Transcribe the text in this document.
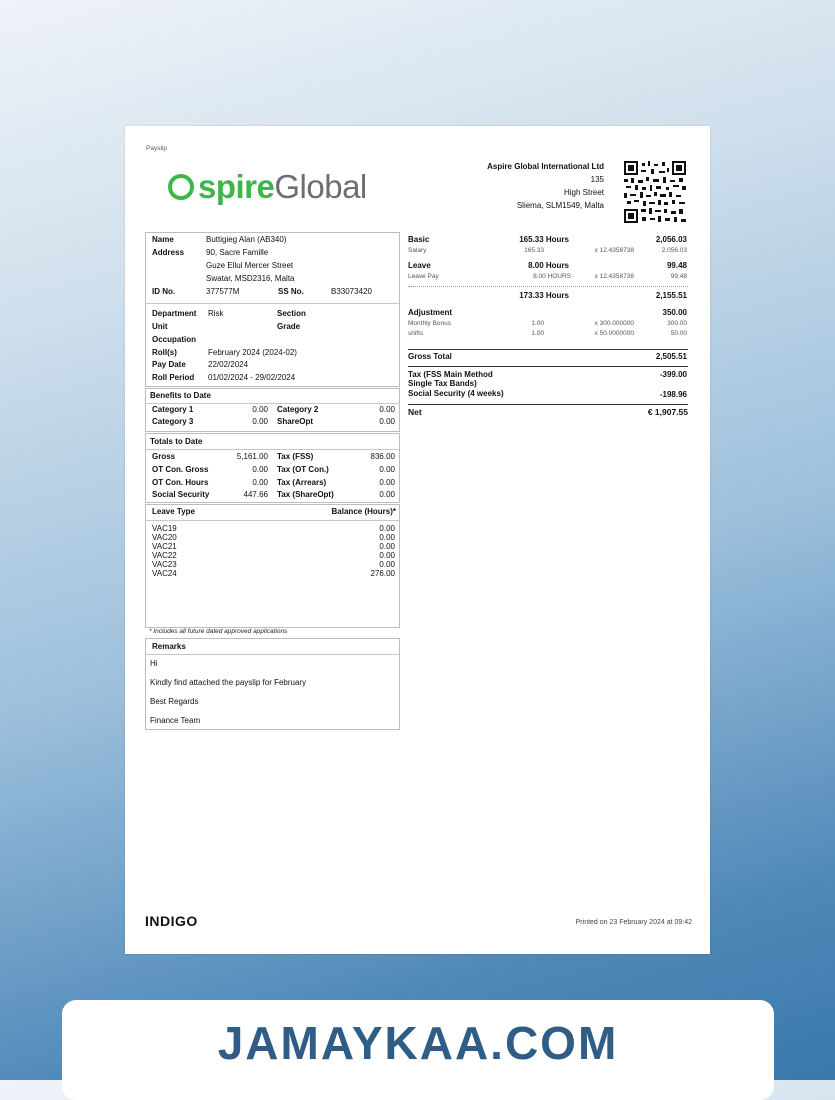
Payslip
spireGlobal
Aspire Global International Ltd
135
High Street
Sliema, SLM1549, Malta
Name	Buttigieg Alan (AB340)
Address	90, Sacre Famille
Guze Ellul Mercer Street
Swatar, MSD2316, Malta
ID No.	377577M	SS No.	B33073420
Department Risk	Section
Unit	Grade
Occupation
Roll(s)	February 2024 (2024-02)
Pay Date	22/02/2024
Roll Period 01/02/2024 - 29/02/2024
Benefits to Date
Category 1	0.00 Category 2	0.00
Category 3	0.00 ShareOpt	0.00
Totals to Date
Gross	5,161.00 Tax (FSS)	836.00
OT Con. Gross	0.00 Tax (OT Con.)	0.00
OT Con. Hours	0.00 Tax (Arrears)	0.00
Social Security	447.66 Tax (ShareOpt)	0.00
Leave Type	Balance (Hours)*
VAC19	0.00
VAC20	0.00
VAC21	0.00
VAC22	0.00
VAC23	0.00
VAC24	276.00
* Includes all future dated approved applications
Remarks
Hi
Kindly find attached the payslip for February
Best Regards
Finance Team
Basic	165.33 Hours	2,056.03
Salary	165.33	x 12.4358738	2,056.03
Leave	8.00 Hours	99.48
Leave Pay	8.00 HOURS	x 12.4358738	99.48
173.33 Hours	2,155.51
Adjustment	350.00
Monthly Bonus	1.00	x 300.000000	300.00
shifts	1.00	x 50.0000000	50.00
Gross Total	2,505.51
Tax (FSS Main Method
Single Tax Bands)
-399.00
Social Security (4 weeks)	-198.96
Net	€ 1,907.55
INDIGO	Printed on 23 February 2024 at 09:42
JAMAYKAA.COM
